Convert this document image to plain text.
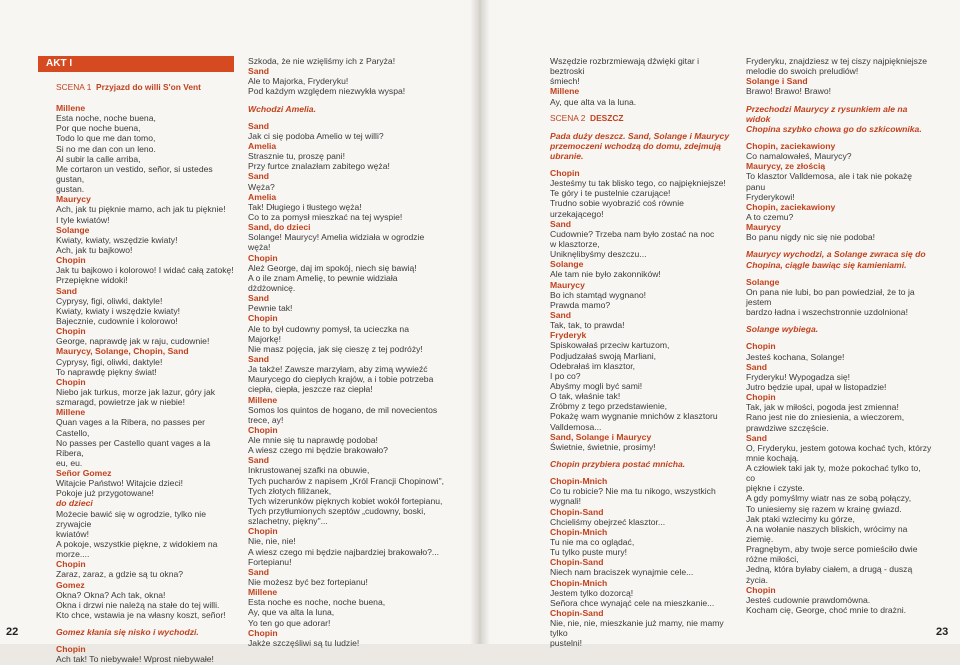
AKT I

SCENA 1 Przyjazd do willi S'on Vent

Millene

Esta noche, noche buena,

Por que noche buena,

Todo lo que me dan tomo,

Si no me dan con un leno.

Al subir la calle arriba,

Me cortaron un vestido, señor, si ustedes gustan,

gustan.

Maurycy

Ach, jak tu pięknie mamo, ach jak tu pięknie!

I tyle kwiatów!

Solange

Kwiaty, kwiaty, wszędzie kwiaty!

Ach, jak tu bajkowo!

Chopin

Jak tu bajkowo i kolorowo! I widać całą zatokę!

Przepiękne widoki!

Sand

Cyprysy, figi, oliwki, daktyle!

Kwiaty, kwiaty i wszędzie kwiaty!

Bajecznie, cudownie i kolorowo!

Chopin

George, naprawdę jak w raju, cudownie!

Maurycy, Solange, Chopin, Sand

Cyprysy, figi, oliwki, daktyle!

To naprawdę piękny świat!

Chopin

Niebo jak turkus, morze jak lazur, góry jak

szmaragd, powietrze jak w niebie!

Millene

Quan vages a la Ribera, no passes per Castello,

No passes per Castello quant vages a la Ribera,

eu, eu.

Señor Gomez

Witajcie Państwo! Witajcie dzieci!

Pokoje już przygotowane!

do dzieci

Możecie bawić się w ogrodzie, tylko nie zrywajcie

kwiatów!

A pokoje, wszystkie piękne, z widokiem na morze....

Chopin

Zaraz, zaraz, a gdzie są tu okna?

Gomez

Okna? Okna? Ach tak, okna!

Okna i drzwi nie należą na stałe do tej willi.

Kto chce, wstawia je na własny koszt, señor!

Gomez kłania się nisko i wychodzi.

Chopin

Ach tak! To niebywałe! Wprost niebywałe!

Szkoda, że nie wzięliśmy ich z Paryża!

Sand

Ale to Majorka, Fryderyku!

Pod każdym względem niezwykła wyspa!

Wchodzi Amelia.

Sand

Jak ci się podoba Amelio w tej willi?

Amelia

Strasznie tu, proszę pani!

Przy furtce znalazłam zabitego węża!

Sand

Węża?

Amelia

Tak! Długiego i tłustego węża!

Co to za pomysł mieszkać na tej wyspie!

Sand, do dzieci

Solange! Maurycy! Amelia widziała w ogrodzie węża!

Chopin

Ależ George, daj im spokój, niech się bawią!

A o ile znam Amelię, to pewnie widziała dżdżownicę.

Sand

Pewnie tak!

Chopin

Ale to był cudowny pomysł, ta ucieczka na Majorkę!

Nie masz pojęcia, jak się cieszę z tej podróży!

Sand

Ja także! Zawsze marzyłam, aby zimą wywieźć

Maurycego do ciepłych krajów, a i tobie potrzeba

ciepła, ciepła, jeszcze raz ciepła!

Millene

Somos los quintos de hogano, de mil novecientos

trece, ay!

Chopin

Ale mnie się tu naprawdę podoba!

A wiesz czego mi będzie brakowało?

Sand

Inkrustowanej szafki na obuwie,

Tych pucharów z napisem „Król Francji Chopinowi",

Tych złotych filiżanek,

Tych wizerunków pięknych kobiet wokół fortepianu,

Tych przytłumionych szeptów „cudowny, boski,

szlachetny, piękny"...

Chopin

Nie, nie, nie!

A wiesz czego mi będzie najbardziej brakowało?...

Fortepianu!

Sand

Nie możesz być bez fortepianu!

Millene

Esta noche es noche, noche buena,

Ay, que va alta la luna,

Yo ten go que adorar!

Chopin

Jakże szczęśliwi są tu ludzie!

Wszędzie rozbrzmiewają dźwięki gitar i beztroski

śmiech!

Millene

Ay, que alta va la luna.

SCENA 2 DESZCZ

Pada duży deszcz. Sand, Solange i Maurycy

przemoczeni wchodzą do domu, zdejmują ubranie.

Chopin

Jesteśmy tu tak blisko tego, co najpiękniejsze!

Te góry i te pustelnie czarujące!

Trudno sobie wyobrazić coś równie urzekającego!

Sand

Cudownie? Trzeba nam było zostać na noc

w klasztorze,

Uniknęlibyśmy deszczu...

Solange

Ale tam nie było zakonników!

Maurycy

Bo ich stamtąd wygnano!

Prawda mamo?

Sand

Tak, tak, to prawda!

Fryderyk

Spiskowałaś przeciw kartuzom,

Podjudzałaś swoją Marliani,

Odebrałaś im klasztor,

I po co?

Abyśmy mogli być sami!

O tak, właśnie tak!

Zróbmy z tego przedstawienie,

Pokażę wam wygnanie mnichów z klasztoru

Valldemosa...

Sand, Solange i Maurycy

Świetnie, świetnie, prosimy!

Chopin przybiera postać mnicha.

Chopin-Mnich

Co tu robicie? Nie ma tu nikogo, wszystkich

wygnali!

Chopin-Sand

Chcieliśmy obejrzeć klasztor...

Chopin-Mnich

Tu nie ma co oglądać,

Tu tylko puste mury!

Chopin-Sand

Niech nam braciszek wynajmie cele...

Chopin-Mnich

Jestem tylko dozorcą!

Señora chce wynająć cele na mieszkanie...

Chopin-Sand

Nie, nie, nie, mieszkanie już mamy, nie mamy tylko

pustelni!

Fryderyku, znajdziesz w tej ciszy najpiękniejsze

melodie do swoich preludiów!

Solange i Sand

Brawo! Brawo! Brawo!

Przechodzi Maurycy z rysunkiem ale na widok

Chopina szybko chowa go do szkicownika.

Chopin, zaciekawiony

Co namalowałeś, Maurycy?

Maurycy, ze złością

To klasztor Valldemosa, ale i tak nie pokażę panu

Fryderykowi!

Chopin, zaciekawiony

A to czemu?

Maurycy

Bo panu nigdy nic się nie podoba!

Maurycy wychodzi, a Solange zwraca się do

Chopina, ciągle bawiąc się kamieniami.

Solange

On pana nie lubi, bo pan powiedział, że to ja jestem

bardzo ładna i wszechstronnie uzdolniona!

Solange wybiega.

Chopin

Jesteś kochana, Solange!

Sand

Fryderyku! Wypogadza się!

Jutro będzie upał, upał w listopadzie!

Chopin

Tak, jak w miłości, pogoda jest zmienna!

Rano jest nie do zniesienia, a wieczorem,

prawdziwe szczęście.

Sand

O, Fryderyku, jestem gotowa kochać tych, którzy

mnie kochają.

A człowiek taki jak ty, może pokochać tylko to, co

piękne i czyste.

A gdy pomyślmy wiatr nas ze sobą połączy,

To uniesiemy się razem w krainę gwiazd.

Jak ptaki wzlecimy ku górze,

A na wołanie naszych bliskich, wrócimy na ziemię.

Pragnębym, aby twoje serce pomieściło dwie

różne miłości,

Jedną, która byłaby ciałem, a drugą - duszą życia.

Chopin

Jesteś cudownie prawdomówna.

Kocham cię, George, choć mnie to drażni.

22	23
